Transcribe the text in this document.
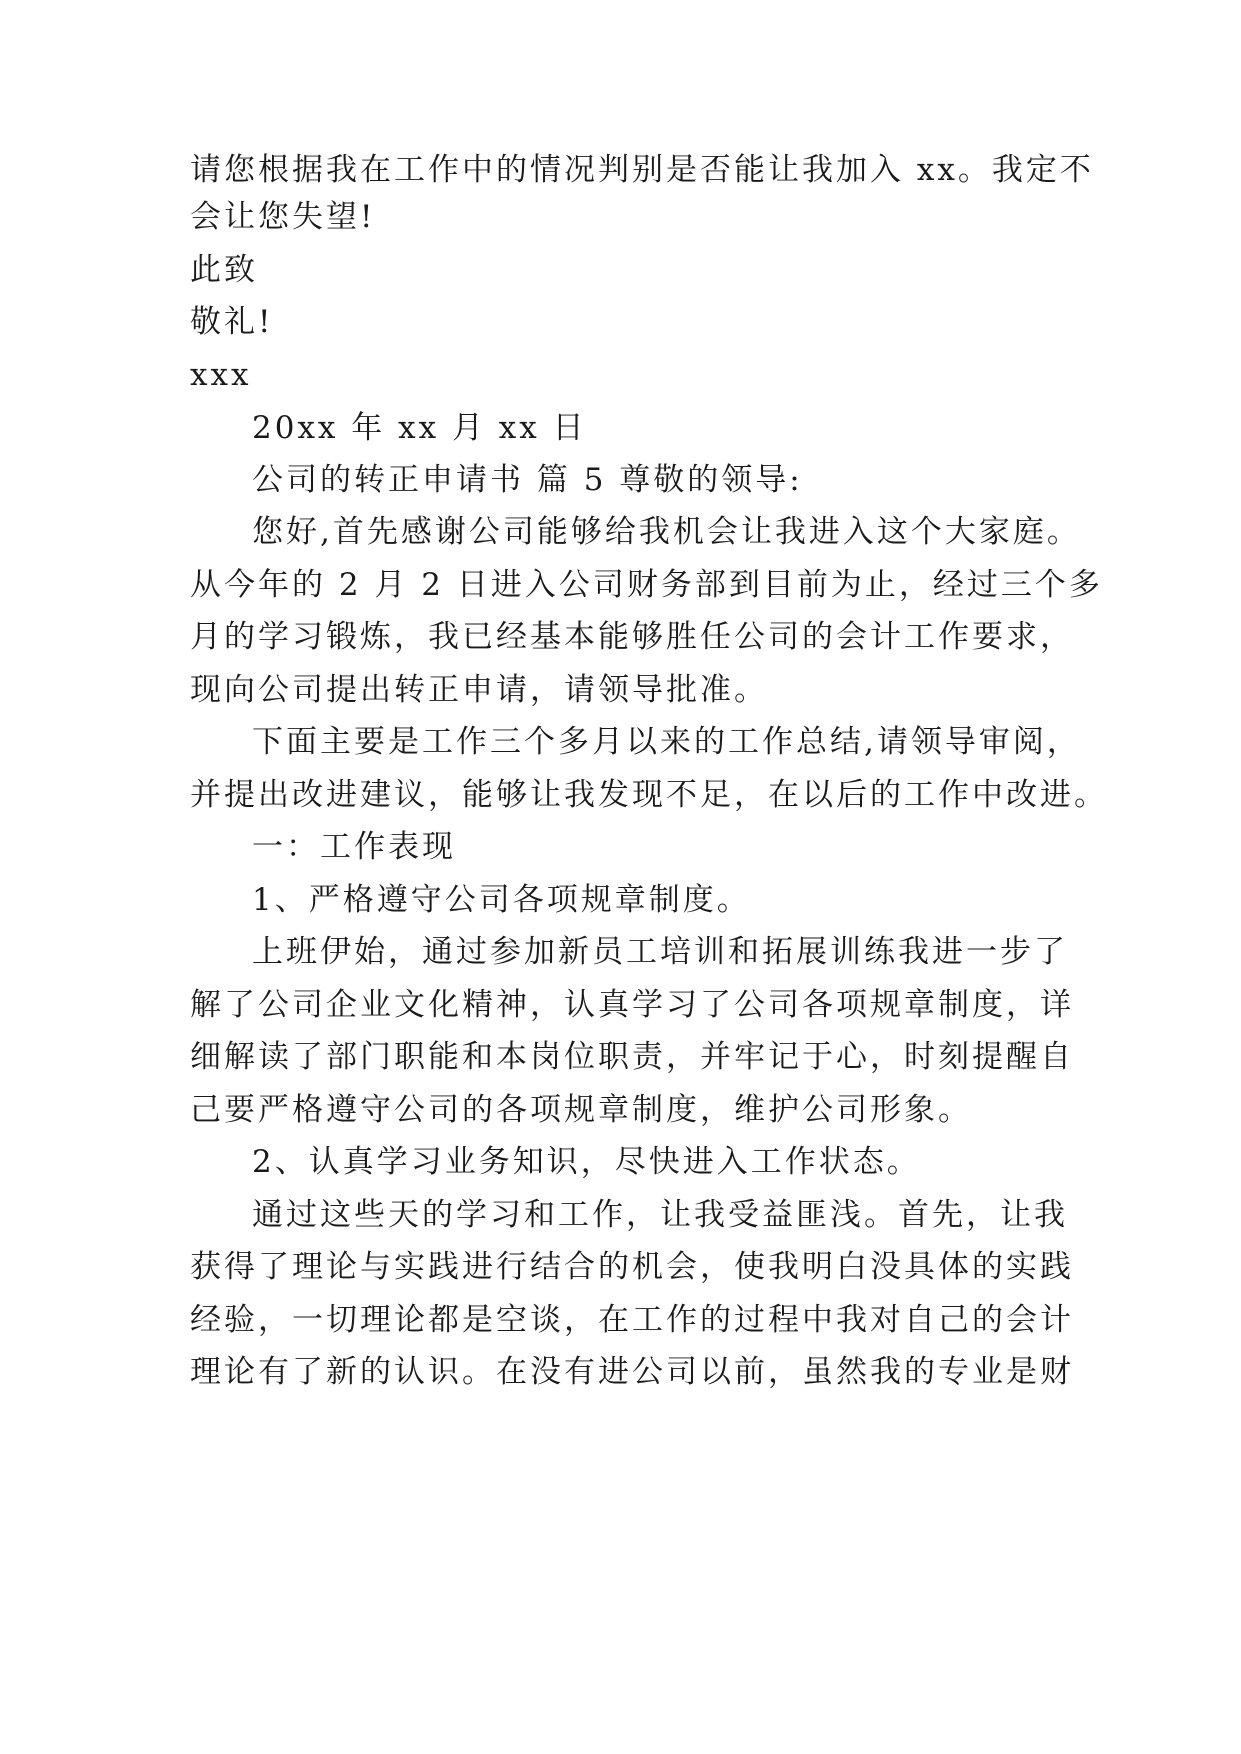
请您根据我在工作中的情况判别是否能让我加入 xx。我定不
会让您失望!
此致
敬礼!
xxx
20xx 年 xx 月 xx 日
公司的转正申请书 篇 5 尊敬的领导:
您好,首先感谢公司能够给我机会让我进入这个大家庭。
从今年的 2 月 2 日进入公司财务部到目前为止，经过三个多
月的学习锻炼，我已经基本能够胜任公司的会计工作要求，
现向公司提出转正申请，请领导批准。
下面主要是工作三个多月以来的工作总结,请领导审阅，
并提出改进建议，能够让我发现不足，在以后的工作中改进。
一：工作表现
1、严格遵守公司各项规章制度。
上班伊始，通过参加新员工培训和拓展训练我进一步了
解了公司企业文化精神，认真学习了公司各项规章制度，详
细解读了部门职能和本岗位职责，并牢记于心，时刻提醒自
己要严格遵守公司的各项规章制度，维护公司形象。
2、认真学习业务知识，尽快进入工作状态。
通过这些天的学习和工作，让我受益匪浅。首先，让我
获得了理论与实践进行结合的机会，使我明白没具体的实践
经验，一切理论都是空谈，在工作的过程中我对自己的会计
理论有了新的认识。在没有进公司以前，虽然我的专业是财
